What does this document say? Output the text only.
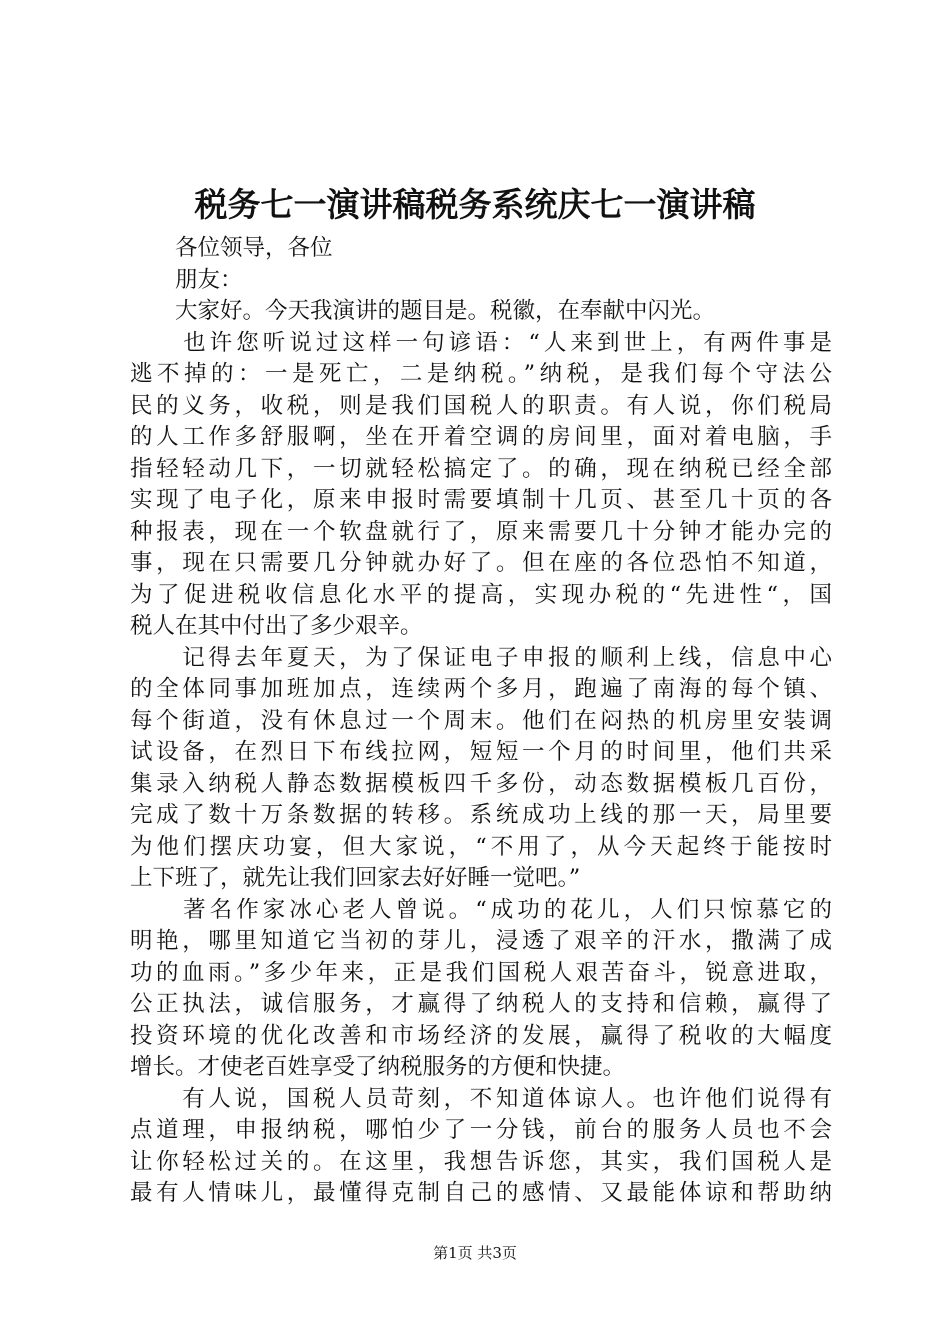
税务七一演讲稿税务系统庆七一演讲稿
　　各位领导，各位
　　朋友：
　　大家好。今天我演讲的题目是。税徽，在奉献中闪光。
　　也许您听说过这样一句谚语：“人来到世上，有两件事是
逃不掉的：一是死亡，二是纳税。”纳税，是我们每个守法公
民的义务，收税，则是我们国税人的职责。有人说，你们税局
的人工作多舒服啊，坐在开着空调的房间里，面对着电脑，手
指轻轻动几下，一切就轻松搞定了。的确，现在纳税已经全部
实现了电子化，原来申报时需要填制十几页、甚至几十页的各
种报表，现在一个软盘就行了，原来需要几十分钟才能办完的
事，现在只需要几分钟就办好了。但在座的各位恐怕不知道，
为了促进税收信息化水平的提高，实现办税的“先进性“，国
税人在其中付出了多少艰辛。
　　记得去年夏天，为了保证电子申报的顺利上线，信息中心
的全体同事加班加点，连续两个多月，跑遍了南海的每个镇、
每个街道，没有休息过一个周末。他们在闷热的机房里安装调
试设备，在烈日下布线拉网，短短一个月的时间里，他们共采
集录入纳税人静态数据模板四千多份，动态数据模板几百份，
完成了数十万条数据的转移。系统成功上线的那一天，局里要
为他们摆庆功宴，但大家说，“不用了，从今天起终于能按时
上下班了，就先让我们回家去好好睡一觉吧。”
　　著名作家冰心老人曾说。“成功的花儿，人们只惊慕它的
明艳，哪里知道它当初的芽儿，浸透了艰辛的汗水，撒满了成
功的血雨。”多少年来，正是我们国税人艰苦奋斗，锐意进取，
公正执法，诚信服务，才赢得了纳税人的支持和信赖，赢得了
投资环境的优化改善和市场经济的发展，赢得了税收的大幅度
增长。才使老百姓享受了纳税服务的方便和快捷。
　　有人说，国税人员苛刻，不知道体谅人。也许他们说得有
点道理，申报纳税，哪怕少了一分钱，前台的服务人员也不会
让你轻松过关的。在这里，我想告诉您，其实，我们国税人是
最有人情味儿，最懂得克制自己的感情、又最能体谅和帮助纳
第1页 共3页
